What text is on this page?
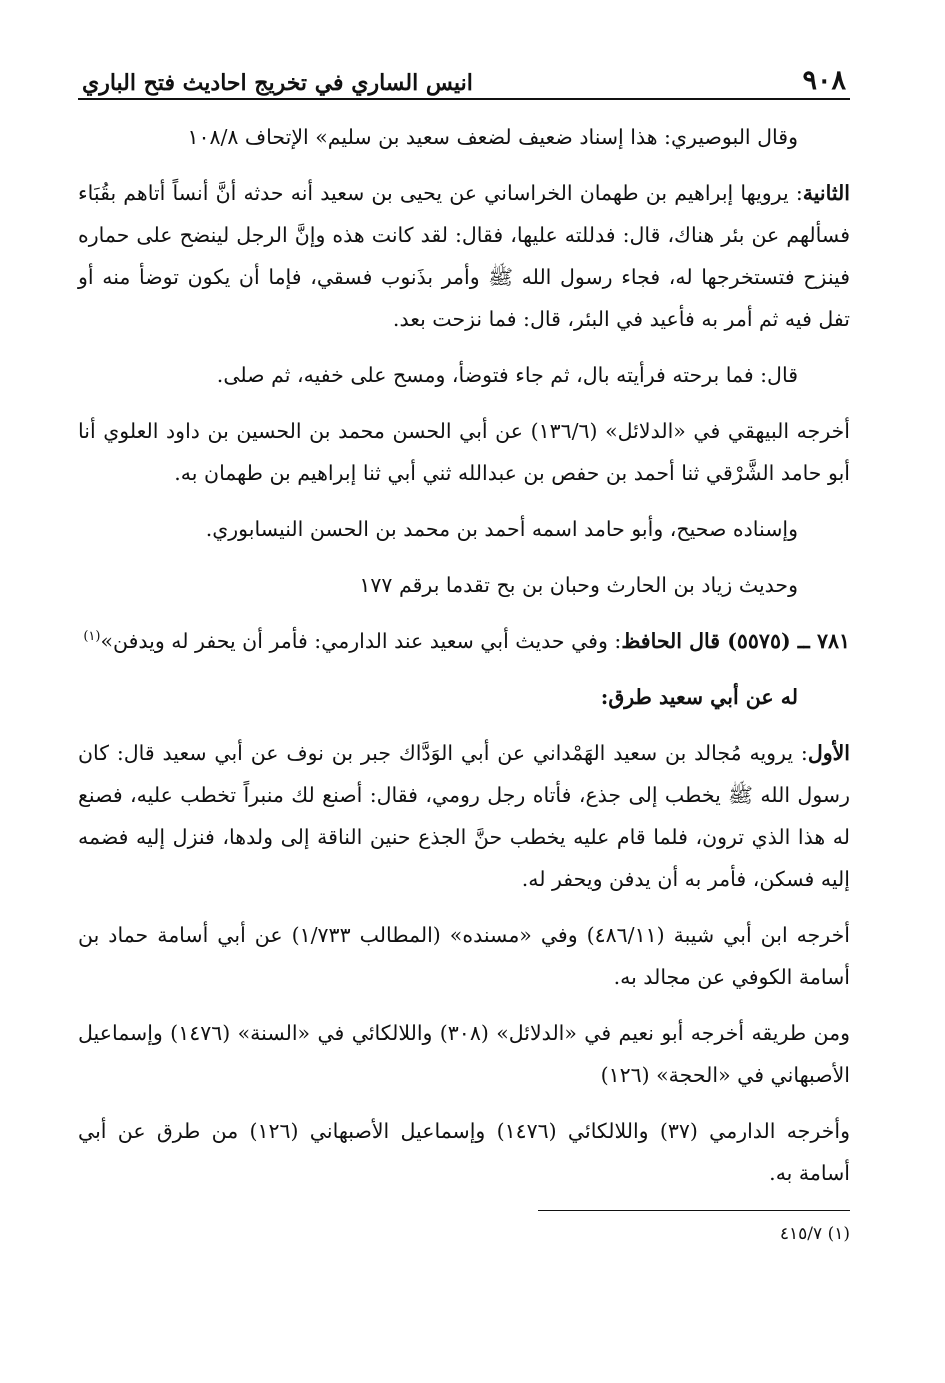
٩٠٨
انيس الساري في تخريج احاديث فتح الباري

وقال البوصيري: هذا إسناد ضعيف لضعف سعيد بن سليم» الإتحاف ١٠٨/٨

الثانية: يرويها إبراهيم بن طهمان الخراساني عن يحيى بن سعيد أنه حدثه أنَّ أنساً أتاهم بقُبَاء فسألهم عن بئر هناك، قال: فدللته عليها، فقال: لقد كانت هذه وإنَّ الرجل لينضح على حماره فينزح فتستخرجها له، فجاء رسول الله ﷺ وأمر بذَنوب فسقي، فإما أن يكون توضأ منه أو تفل فيه ثم أمر به فأعيد في البئر، قال: فما نزحت بعد.

قال: فما برحته فرأيته بال، ثم جاء فتوضأ، ومسح على خفيه، ثم صلى.

أخرجه البيهقي في «الدلائل» (١٣٦/٦) عن أبي الحسن محمد بن الحسين بن داود العلوي أنا أبو حامد الشَّرْقي ثنا أحمد بن حفص بن عبدالله ثني أبي ثنا إبراهيم بن طهمان به.

وإسناده صحيح، وأبو حامد اسمه أحمد بن محمد بن الحسن النيسابوري.

وحديث زياد بن الحارث وحبان بن بح تقدما برقم ١٧٧

٧٨١ ــ (٥٥٧٥) قال الحافظ: وفي حديث أبي سعيد عند الدارمي: فأمر أن يحفر له ويدفن»$^{(١)}$

له عن أبي سعيد طرق:

الأول: يرويه مُجالد بن سعيد الهَمْداني عن أبي الوَدَّاك جبر بن نوف عن أبي سعيد قال: كان رسول الله ﷺ يخطب إلى جذع، فأتاه رجل رومي، فقال: أصنع لك منبراً تخطب عليه، فصنع له هذا الذي ترون، فلما قام عليه يخطب حنَّ الجذع حنين الناقة إلى ولدها، فنزل إليه فضمه إليه فسكن، فأمر به أن يدفن ويحفر له.

أخرجه ابن أبي شيبة (٤٨٦/١١) وفي «مسنده» (المطالب ١/٧٣٣) عن أبي أسامة حماد بن أسامة الكوفي عن مجالد به.

ومن طريقه أخرجه أبو نعيم في «الدلائل» (٣٠٨) واللالكائي في «السنة» (١٤٧٦) وإسماعيل الأصبهاني في «الحجة» (١٢٦)

وأخرجه الدارمي (٣٧) واللالكائي (١٤٧٦) وإسماعيل الأصبهاني (١٢٦) من طرق عن أبي أسامة به.

(١) ٤١٥/٧
